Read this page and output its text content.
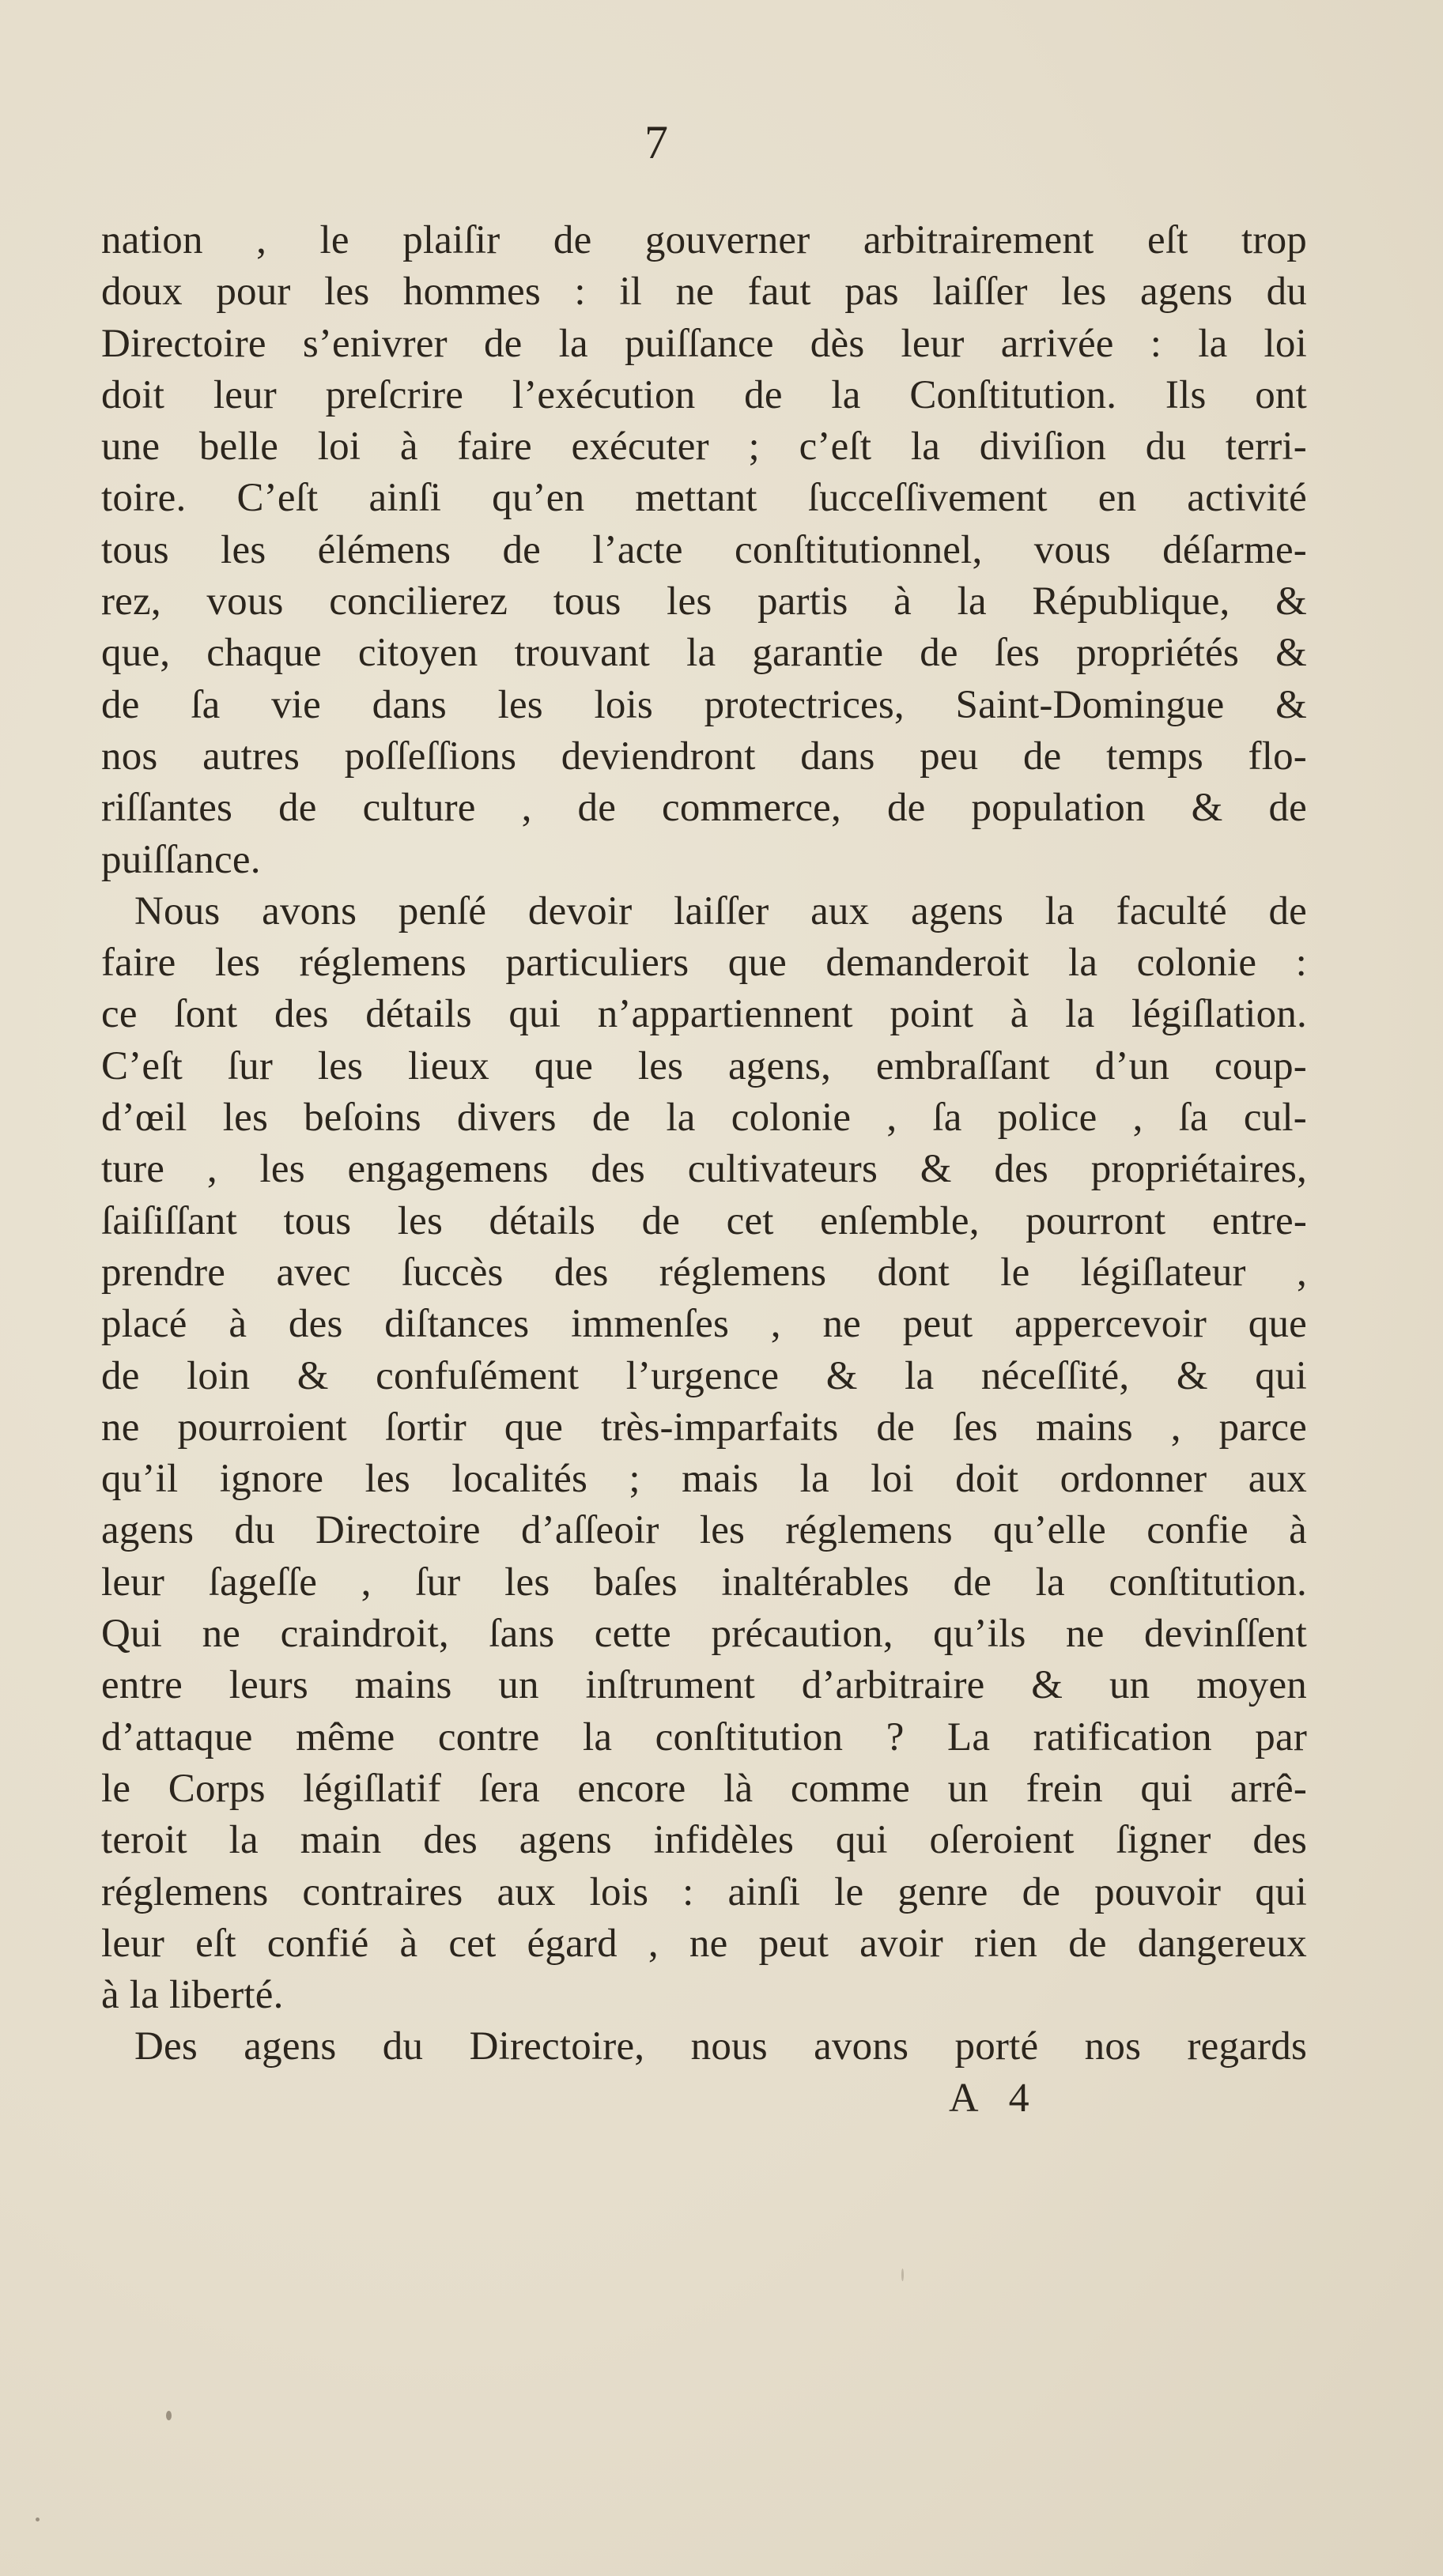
7
nation , le plaiſir de gouverner arbitrairement eſt trop
doux pour les hommes : il ne faut pas laiſſer les agens du
Directoire s’enivrer de la puiſſance dès leur arrivée : la loi
doit leur preſcrire l’exécution de la Conſtitution. Ils ont
une belle loi à faire exécuter ; c’eſt la diviſion du terri-
toire. C’eſt ainſi qu’en mettant ſucceſſivement en activité
tous les élémens de l’acte conſtitutionnel, vous déſarme-
rez, vous concilierez tous les partis à la République, &
que, chaque citoyen trouvant la garantie de ſes propriétés &
de ſa vie dans les lois protectrices, Saint-Domingue &
nos autres poſſeſſions deviendront dans peu de temps flo-
riſſantes de culture , de commerce, de population & de
puiſſance.
Nous avons penſé devoir laiſſer aux agens la faculté de
faire les réglemens particuliers que demanderoit la colonie :
ce ſont des détails qui n’appartiennent point à la légiſlation.
C’eſt ſur les lieux que les agens, embraſſant d’un coup-
d’œil les beſoins divers de la colonie , ſa police , ſa cul-
ture , les engagemens des cultivateurs & des propriétaires,
ſaiſiſſant tous les détails de cet enſemble, pourront entre-
prendre avec ſuccès des réglemens dont le légiſlateur ,
placé à des diſtances immenſes , ne peut appercevoir que
de loin & confuſément l’urgence & la néceſſité, & qui
ne pourroient ſortir que très-imparfaits de ſes mains , parce
qu’il ignore les localités ; mais la loi doit ordonner aux
agens du Directoire d’aſſeoir les réglemens qu’elle confie à
leur ſageſſe , ſur les baſes inaltérables de la conſtitution.
Qui ne craindroit, ſans cette précaution, qu’ils ne devinſſent
entre leurs mains un inſtrument d’arbitraire & un moyen
d’attaque même contre la conſtitution ? La ratification par
le Corps légiſlatif ſera encore là comme un frein qui arrê-
teroit la main des agens infidèles qui oſeroient ſigner des
réglemens contraires aux lois : ainſi le genre de pouvoir qui
leur eſt confié à cet égard , ne peut avoir rien de dangereux
à la liberté.
Des agens du Directoire, nous avons porté nos regards
A 4
